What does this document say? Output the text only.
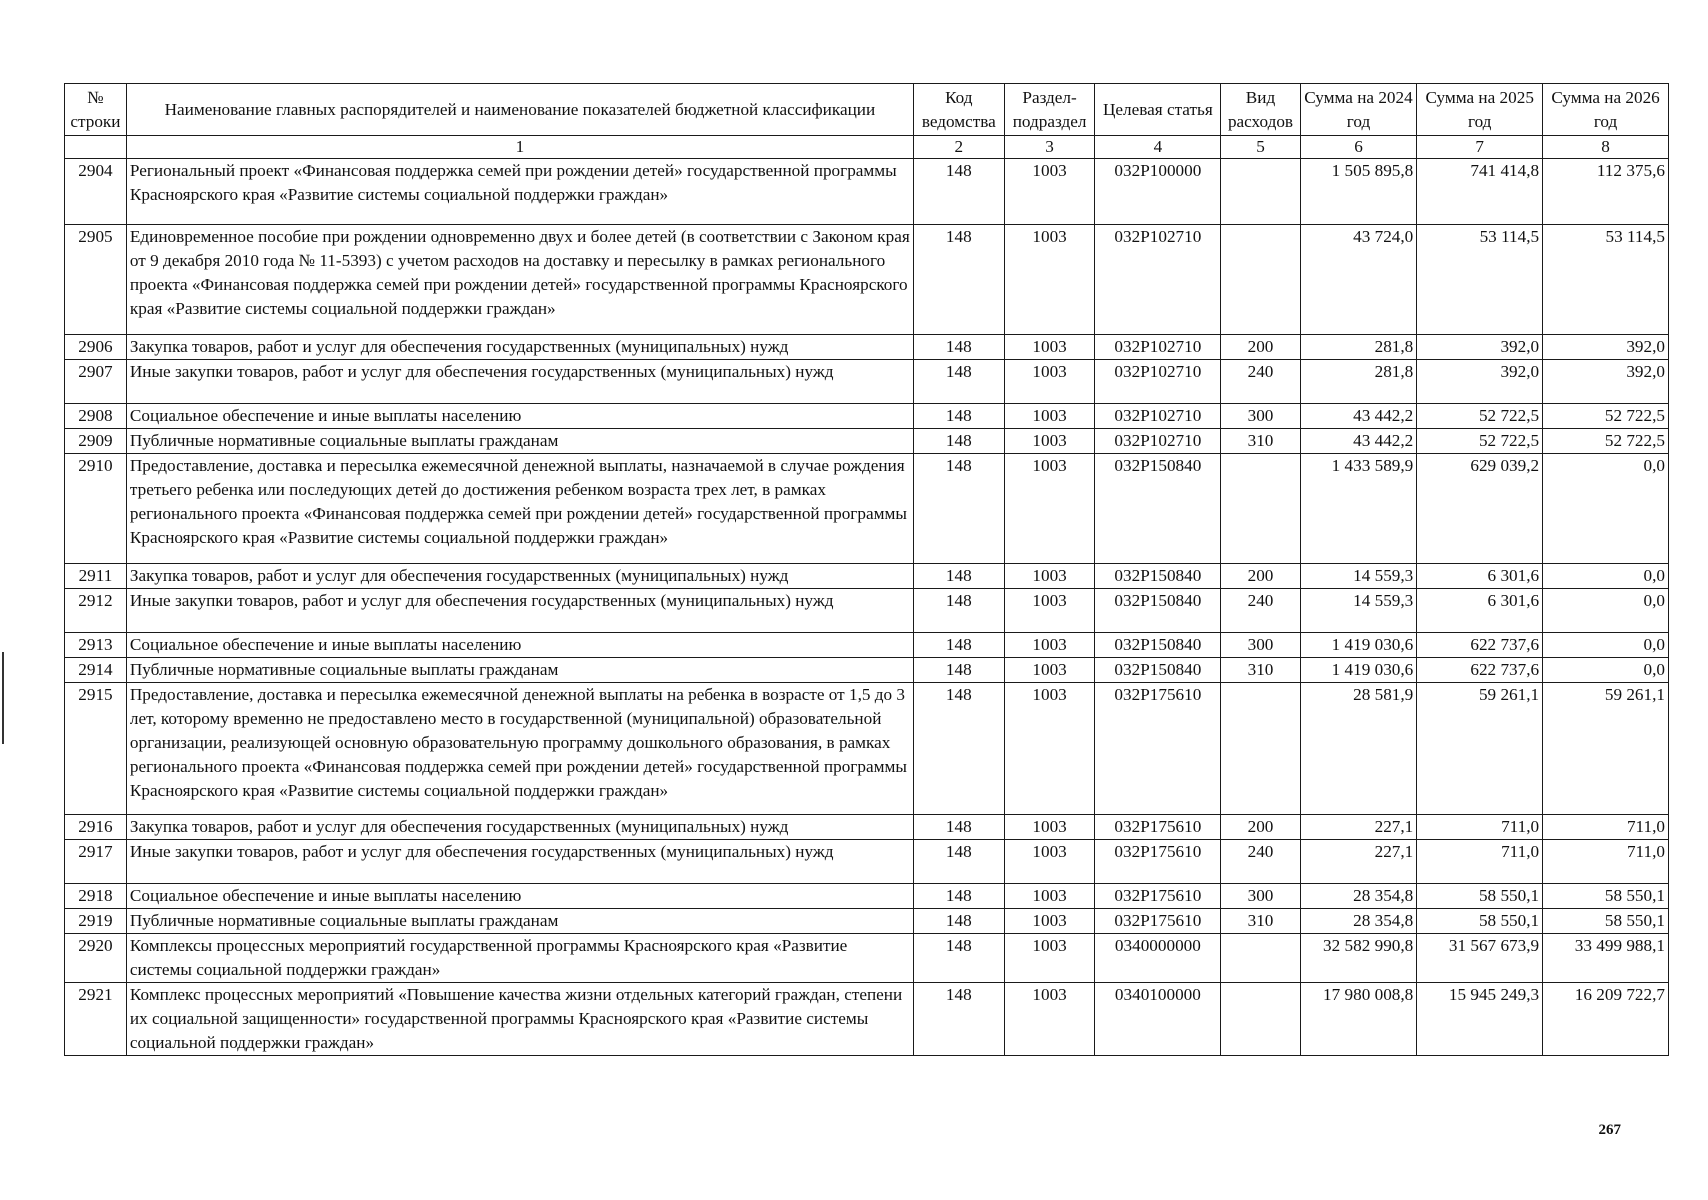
№ строки	Наименование главных распорядителей и наименование показателей бюджетной классификации	Код ведомства	Раздел-подраздел	Целевая статья	Вид расходов	Сумма на 2024 год	Сумма на 2025 год	Сумма на 2026 год
	1	2	3	4	5	6	7	8
2904	Региональный проект «Финансовая поддержка семей при рождении детей» государственной программы Красноярского края «Развитие системы социальной поддержки граждан»	148	1003	032P100000		1 505 895,8	741 414,8	112 375,6
2905	Единовременное пособие при рождении одновременно двух и более детей (в соответствии с Законом края от 9 декабря 2010 года № 11-5393) с учетом расходов на доставку и пересылку в рамках регионального проекта «Финансовая поддержка семей при рождении детей» государственной программы Красноярского края «Развитие системы социальной поддержки граждан»	148	1003	032P102710		43 724,0	53 114,5	53 114,5
2906	Закупка товаров, работ и услуг для обеспечения государственных (муниципальных) нужд	148	1003	032P102710	200	281,8	392,0	392,0
2907	Иные закупки товаров, работ и услуг для обеспечения государственных (муниципальных) нужд	148	1003	032P102710	240	281,8	392,0	392,0
2908	Социальное обеспечение и иные выплаты населению	148	1003	032P102710	300	43 442,2	52 722,5	52 722,5
2909	Публичные нормативные социальные выплаты гражданам	148	1003	032P102710	310	43 442,2	52 722,5	52 722,5
2910	Предоставление, доставка и пересылка ежемесячной денежной выплаты, назначаемой в случае рождения третьего ребенка или последующих детей до достижения ребенком возраста трех лет, в рамках регионального проекта «Финансовая поддержка семей при рождении детей» государственной программы Красноярского края «Развитие системы социальной поддержки граждан»	148	1003	032P150840		1 433 589,9	629 039,2	0,0
2911	Закупка товаров, работ и услуг для обеспечения государственных (муниципальных) нужд	148	1003	032P150840	200	14 559,3	6 301,6	0,0
2912	Иные закупки товаров, работ и услуг для обеспечения государственных (муниципальных) нужд	148	1003	032P150840	240	14 559,3	6 301,6	0,0
2913	Социальное обеспечение и иные выплаты населению	148	1003	032P150840	300	1 419 030,6	622 737,6	0,0
2914	Публичные нормативные социальные выплаты гражданам	148	1003	032P150840	310	1 419 030,6	622 737,6	0,0
2915	Предоставление, доставка и пересылка ежемесячной денежной выплаты на ребенка в возрасте от 1,5 до 3 лет, которому временно не предоставлено место в государственной (муниципальной) образовательной организации, реализующей основную образовательную программу дошкольного образования, в рамках регионального проекта «Финансовая поддержка семей при рождении детей» государственной программы Красноярского края «Развитие системы социальной поддержки граждан»	148	1003	032P175610		28 581,9	59 261,1	59 261,1
2916	Закупка товаров, работ и услуг для обеспечения государственных (муниципальных) нужд	148	1003	032P175610	200	227,1	711,0	711,0
2917	Иные закупки товаров, работ и услуг для обеспечения государственных (муниципальных) нужд	148	1003	032P175610	240	227,1	711,0	711,0
2918	Социальное обеспечение и иные выплаты населению	148	1003	032P175610	300	28 354,8	58 550,1	58 550,1
2919	Публичные нормативные социальные выплаты гражданам	148	1003	032P175610	310	28 354,8	58 550,1	58 550,1
2920	Комплексы процессных мероприятий государственной программы Красноярского края «Развитие системы социальной поддержки граждан»	148	1003	0340000000		32 582 990,8	31 567 673,9	33 499 988,1
2921	Комплекс процессных мероприятий «Повышение качества жизни отдельных категорий граждан, степени их социальной защищенности» государственной программы Красноярского края «Развитие системы социальной поддержки граждан»	148	1003	0340100000		17 980 008,8	15 945 249,3	16 209 722,7
267
